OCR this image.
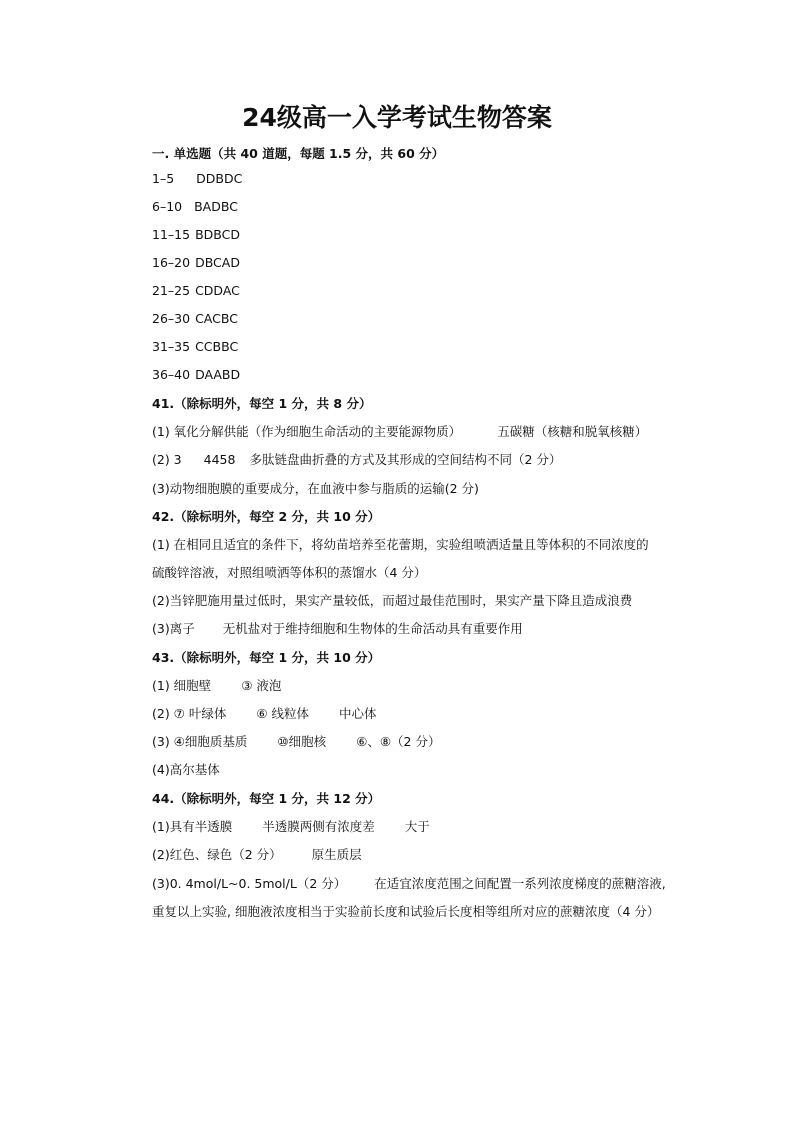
24级高一入学考试生物答案
一. 单选题（共 40 道题，每题 1.5 分，共 60 分）
1–5 DDBDC
6–10 BADBC
11–15 BDBCD
16–20 DBCAD
21–25 CDDAC
26–30 CACBC
31–35 CCBBC
36–40 DAABD
41.（除标明外，每空 1 分，共 8 分）
(1) 氧化分解供能（作为细胞生命活动的主要能源物质）	五碳糖（核糖和脱氧核糖）
(2) 3 4458 多肽链盘曲折叠的方式及其形成的空间结构不同（2 分）
(3)动物细胞膜的重要成分，在血液中参与脂质的运输(2 分)
42.（除标明外，每空 2 分，共 10 分）
(1) 在相同且适宜的条件下，将幼苗培养至花蕾期，实验组喷洒适量且等体积的不同浓度的
硫酸锌溶液，对照组喷洒等体积的蒸馏水（4 分）
(2)当锌肥施用量过低时，果实产量较低，而超过最佳范围时，果实产量下降且造成浪费
(3)离子 无机盐对于维持细胞和生物体的生命活动具有重要作用
43.（除标明外，每空 1 分，共 10 分）
(1) 细胞壁 ③ 液泡
(2) ⑦ 叶绿体 ⑥ 线粒体 中心体
(3) ④细胞质基质 ⑩细胞核 ⑥、⑧（2 分）
(4)高尔基体
44.（除标明外，每空 1 分，共 12 分）
(1)具有半透膜 半透膜两侧有浓度差 大于
(2)红色、绿色（2 分） 原生质层
(3)0. 4mol/L~0. 5mol/L（2 分） 在适宜浓度范围之间配置一系列浓度梯度的蔗糖溶液,
重复以上实验, 细胞液浓度相当于实验前长度和试验后长度相等组所对应的蔗糖浓度（4 分）
